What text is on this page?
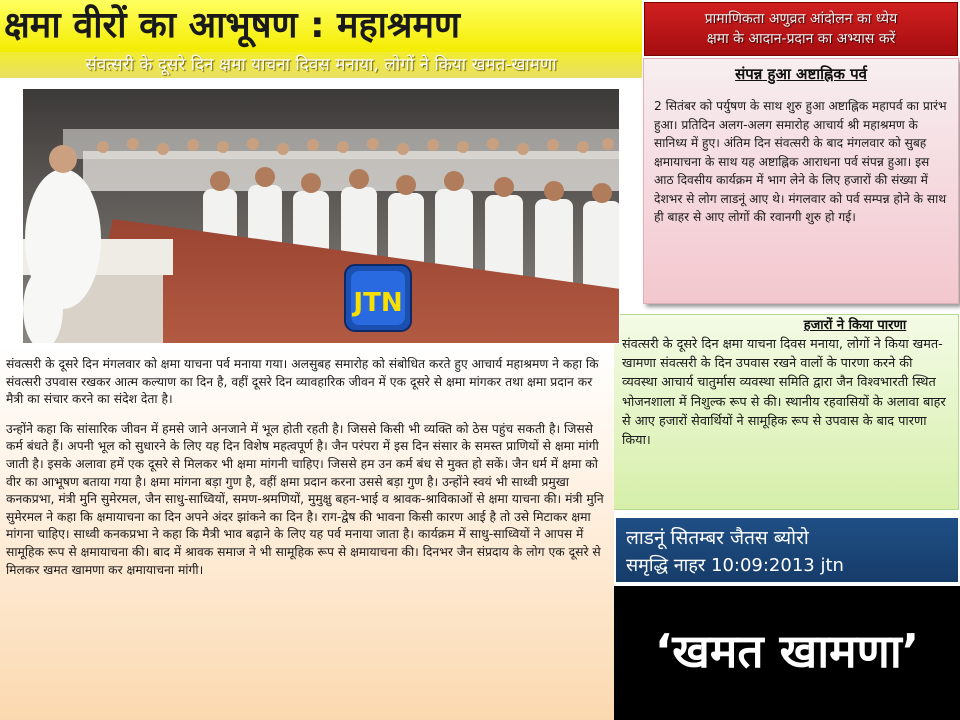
क्षमा वीरों का आभूषण : महाश्रमण
संवत्सरी के दूसरे दिन क्षमा याचना दिवस मनाया, लोगों ने किया खमत-खामणा
प्रामाणिकता अणुव्रत आंदोलन का ध्येय
क्षमा के आदान-प्रदान का अभ्यास करें
संपन्न हुआ अष्टाह्निक पर्व
2 सितंबर को पर्युषण के साथ शुरु हुआ अष्टाह्निक महापर्व का प्रारंभ हुआ। प्रतिदिन अलग-अलग समारोह आचार्य श्री महाश्रमण के सानिध्य में हुए। अंतिम दिन संवत्सरी के बाद मंगलवार को सुबह क्षमायाचना के साथ यह अष्टाह्निक आराधना पर्व संपन्न हुआ। इस आठ दिवसीय कार्यक्रम में भाग लेने के लिए हजारों की संख्या में देशभर से लोग लाडनूं आए थे। मंगलवार को पर्व सम्पन्न होने के साथ ही बाहर से आए लोगों की रवानगी शुरु हो गई।
हजारों ने किया पारणा
संवत्सरी के दूसरे दिन क्षमा याचना दिवस मनाया, लोगों ने किया खमत-खामणा संवत्सरी के दिन उपवास रखने वालों के पारणा करने की व्यवस्था आचार्य चातुर्मास व्यवस्था समिति द्वारा जैन विश्वभारती स्थित भोजनशाला में निशुल्क रूप से की। स्थानीय रहवासियों के अलावा बाहर से आए हजारों सेवार्थियों ने सामूहिक रूप से उपवास के बाद पारणा किया।
लाडनूं सितम्बर जैतस ब्योरो
समृद्धि नाहर 10:09:2013 jtn

‘खमत खामणा’
JTN

संवत्सरी के दूसरे दिन मंगलवार को क्षमा याचना पर्व मनाया गया। अलसुबह समारोह को संबोधित करते हुए आचार्य महाश्रमण ने कहा कि संवत्सरी उपवास रखकर आत्म कल्याण का दिन है, वहीं दूसरे दिन व्यावहारिक जीवन में एक दूसरे से क्षमा मांगकर तथा क्षमा प्रदान कर मैत्री का संचार करने का संदेश देता है।

उन्होंने कहा कि सांसारिक जीवन में हमसे जाने अनजाने में भूल होती रहती है। जिससे किसी भी व्यक्ति को ठेस पहुंच सकती है। जिससे कर्म बंधते हैं। अपनी भूल को सुधारने के लिए यह दिन विशेष महत्वपूर्ण है। जैन परंपरा में इस दिन संसार के समस्त प्राणियों से क्षमा मांगी जाती है। इसके अलावा हमें एक दूसरे से मिलकर भी क्षमा मांगनी चाहिए। जिससे हम उन कर्म बंध से मुक्त हो सकें। जैन धर्म में क्षमा को वीर का आभूषण बताया गया है। क्षमा मांगना बड़ा गुण है, वहीं क्षमा प्रदान करना उससे बड़ा गुण है। उन्होंने स्वयं भी साध्वी प्रमुखा कनकप्रभा, मंत्री मुनि सुमेरमल, जैन साधु-साध्वियों, समण-श्रमणियों, मुमुक्षु बहन-भाई व श्रावक-श्राविकाओं से क्षमा याचना की। मंत्री मुनि सुमेरमल ने कहा कि क्षमायाचना का दिन अपने अंदर झांकने का दिन है। राग-द्वेष की भावना किसी कारण आई है तो उसे मिटाकर क्षमा मांगना चाहिए। साध्वी कनकप्रभा ने कहा कि मैत्री भाव बढ़ाने के लिए यह पर्व मनाया जाता है। कार्यक्रम में साधु-साध्वियों ने आपस में सामूहिक रूप से क्षमायाचना की। बाद में श्रावक समाज ने भी सामूहिक रूप से क्षमायाचना की। दिनभर जैन संप्रदाय के लोग एक दूसरे से मिलकर खमत खामणा कर क्षमायाचना मांगी।
